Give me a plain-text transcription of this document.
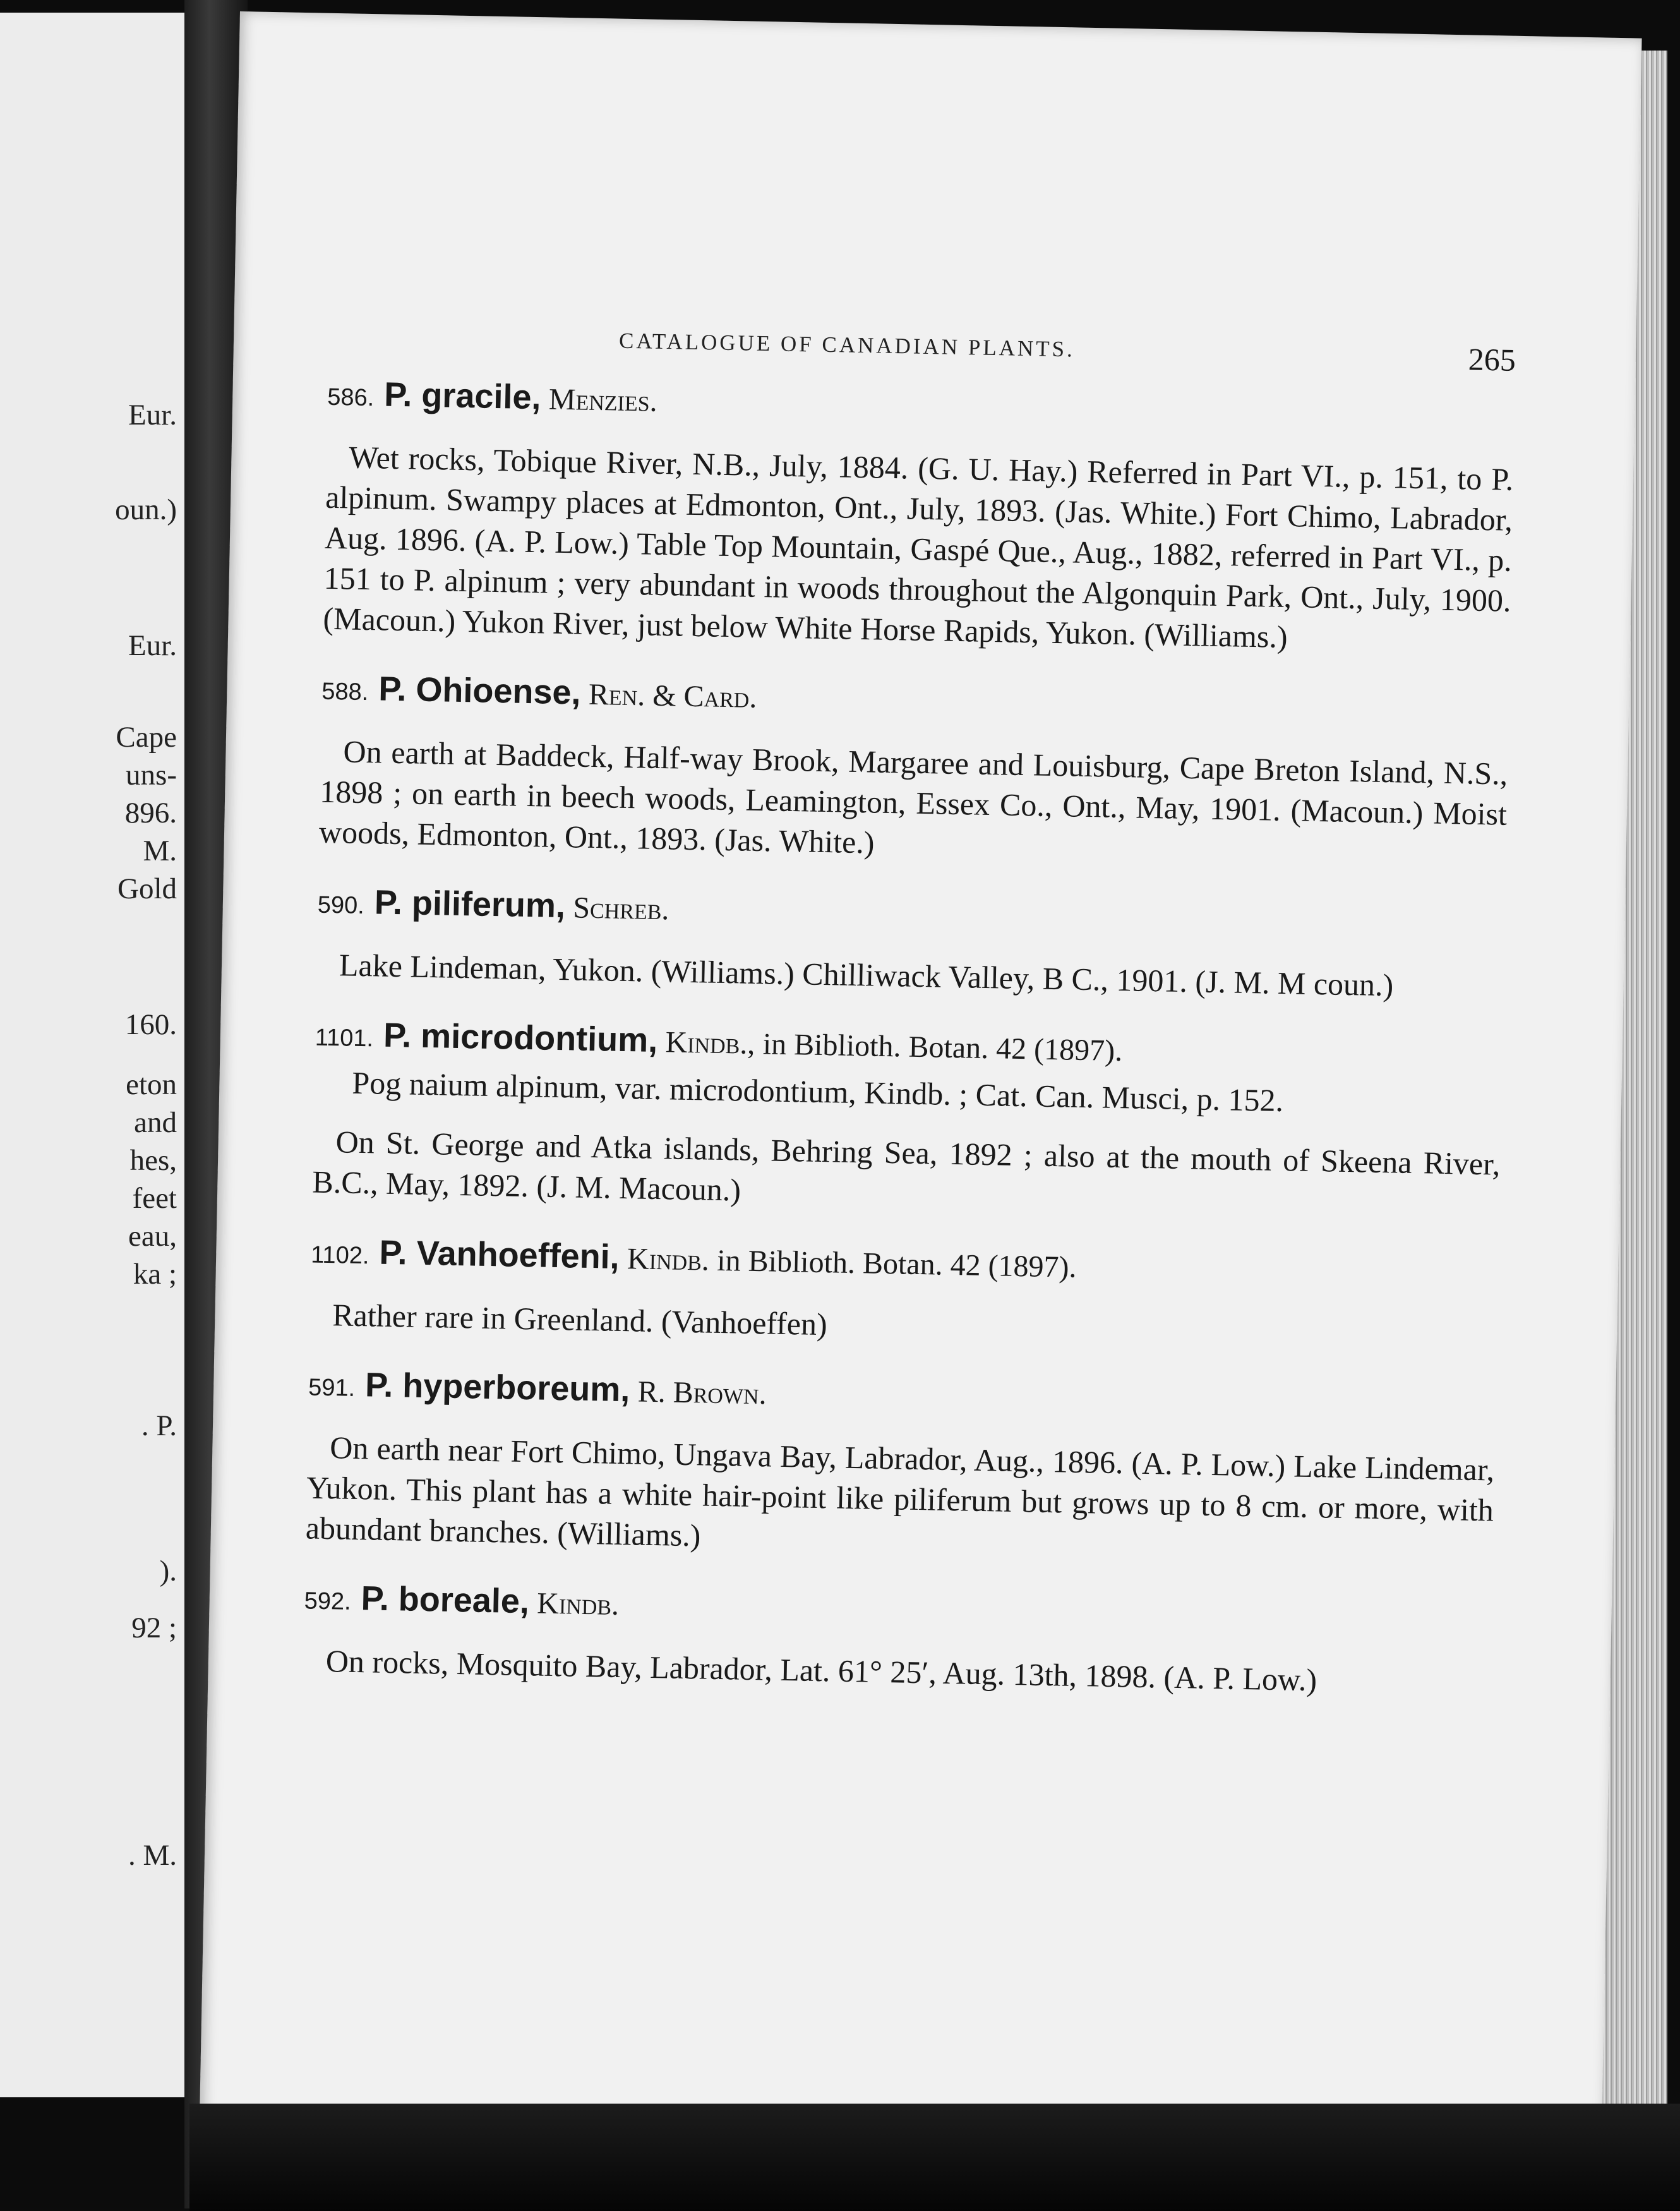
Eur.
oun.)
Eur.
Cape
uns-
896.
M.
Gold
160.
eton
and
hes,
feet
eau,
ka ;
. P.
).
92 ;
. M.
CATALOGUE OF CANADIAN PLANTS.	265

586. P. gracile, Menzies.

Wet rocks, Tobique River, N.B., July, 1884. (G. U. Hay.) Referred in Part VI., p. 151, to P. alpinum. Swampy places at Edmonton, Ont., July, 1893. (Jas. White.) Fort Chimo, Labrador, Aug. 1896. (A. P. Low.) Table Top Mountain, Gaspé Que., Aug., 1882, referred in Part VI., p. 151 to P. alpinum ; very abundant in woods throughout the Algonquin Park, Ont., July, 1900. (Macoun.) Yukon River, just below White Horse Rapids, Yukon. (Williams.)

588. P. Ohioense, Ren. & Card.

On earth at Baddeck, Half-way Brook, Margaree and Louisburg, Cape Breton Island, N.S., 1898 ; on earth in beech woods, Leamington, Essex Co., Ont., May, 1901. (Macoun.) Moist woods, Edmonton, Ont., 1893. (Jas. White.)

590. P. piliferum, Schreb.

Lake Lindeman, Yukon. (Williams.) Chilliwack Valley, B C., 1901. (J. M. M coun.)

1101. P. microdontium, Kindb., in Biblioth. Botan. 42 (1897).

Pog naium alpinum, var. microdontium, Kindb. ; Cat. Can. Musci, p. 152.

On St. George and Atka islands, Behring Sea, 1892 ; also at the mouth of Skeena River, B.C., May, 1892. (J. M. Macoun.)

1102. P. Vanhoeffeni, Kindb. in Biblioth. Botan. 42 (1897).

Rather rare in Greenland. (Vanhoeffen)

591. P. hyperboreum, R. Brown.

On earth near Fort Chimo, Ungava Bay, Labrador, Aug., 1896. (A. P. Low.) Lake Lindemar, Yukon. This plant has a white hair-point like piliferum but grows up to 8 cm. or more, with abundant branches. (Williams.)

592. P. boreale, Kindb.

On rocks, Mosquito Bay, Labrador, Lat. 61° 25′, Aug. 13th, 1898. (A. P. Low.)
